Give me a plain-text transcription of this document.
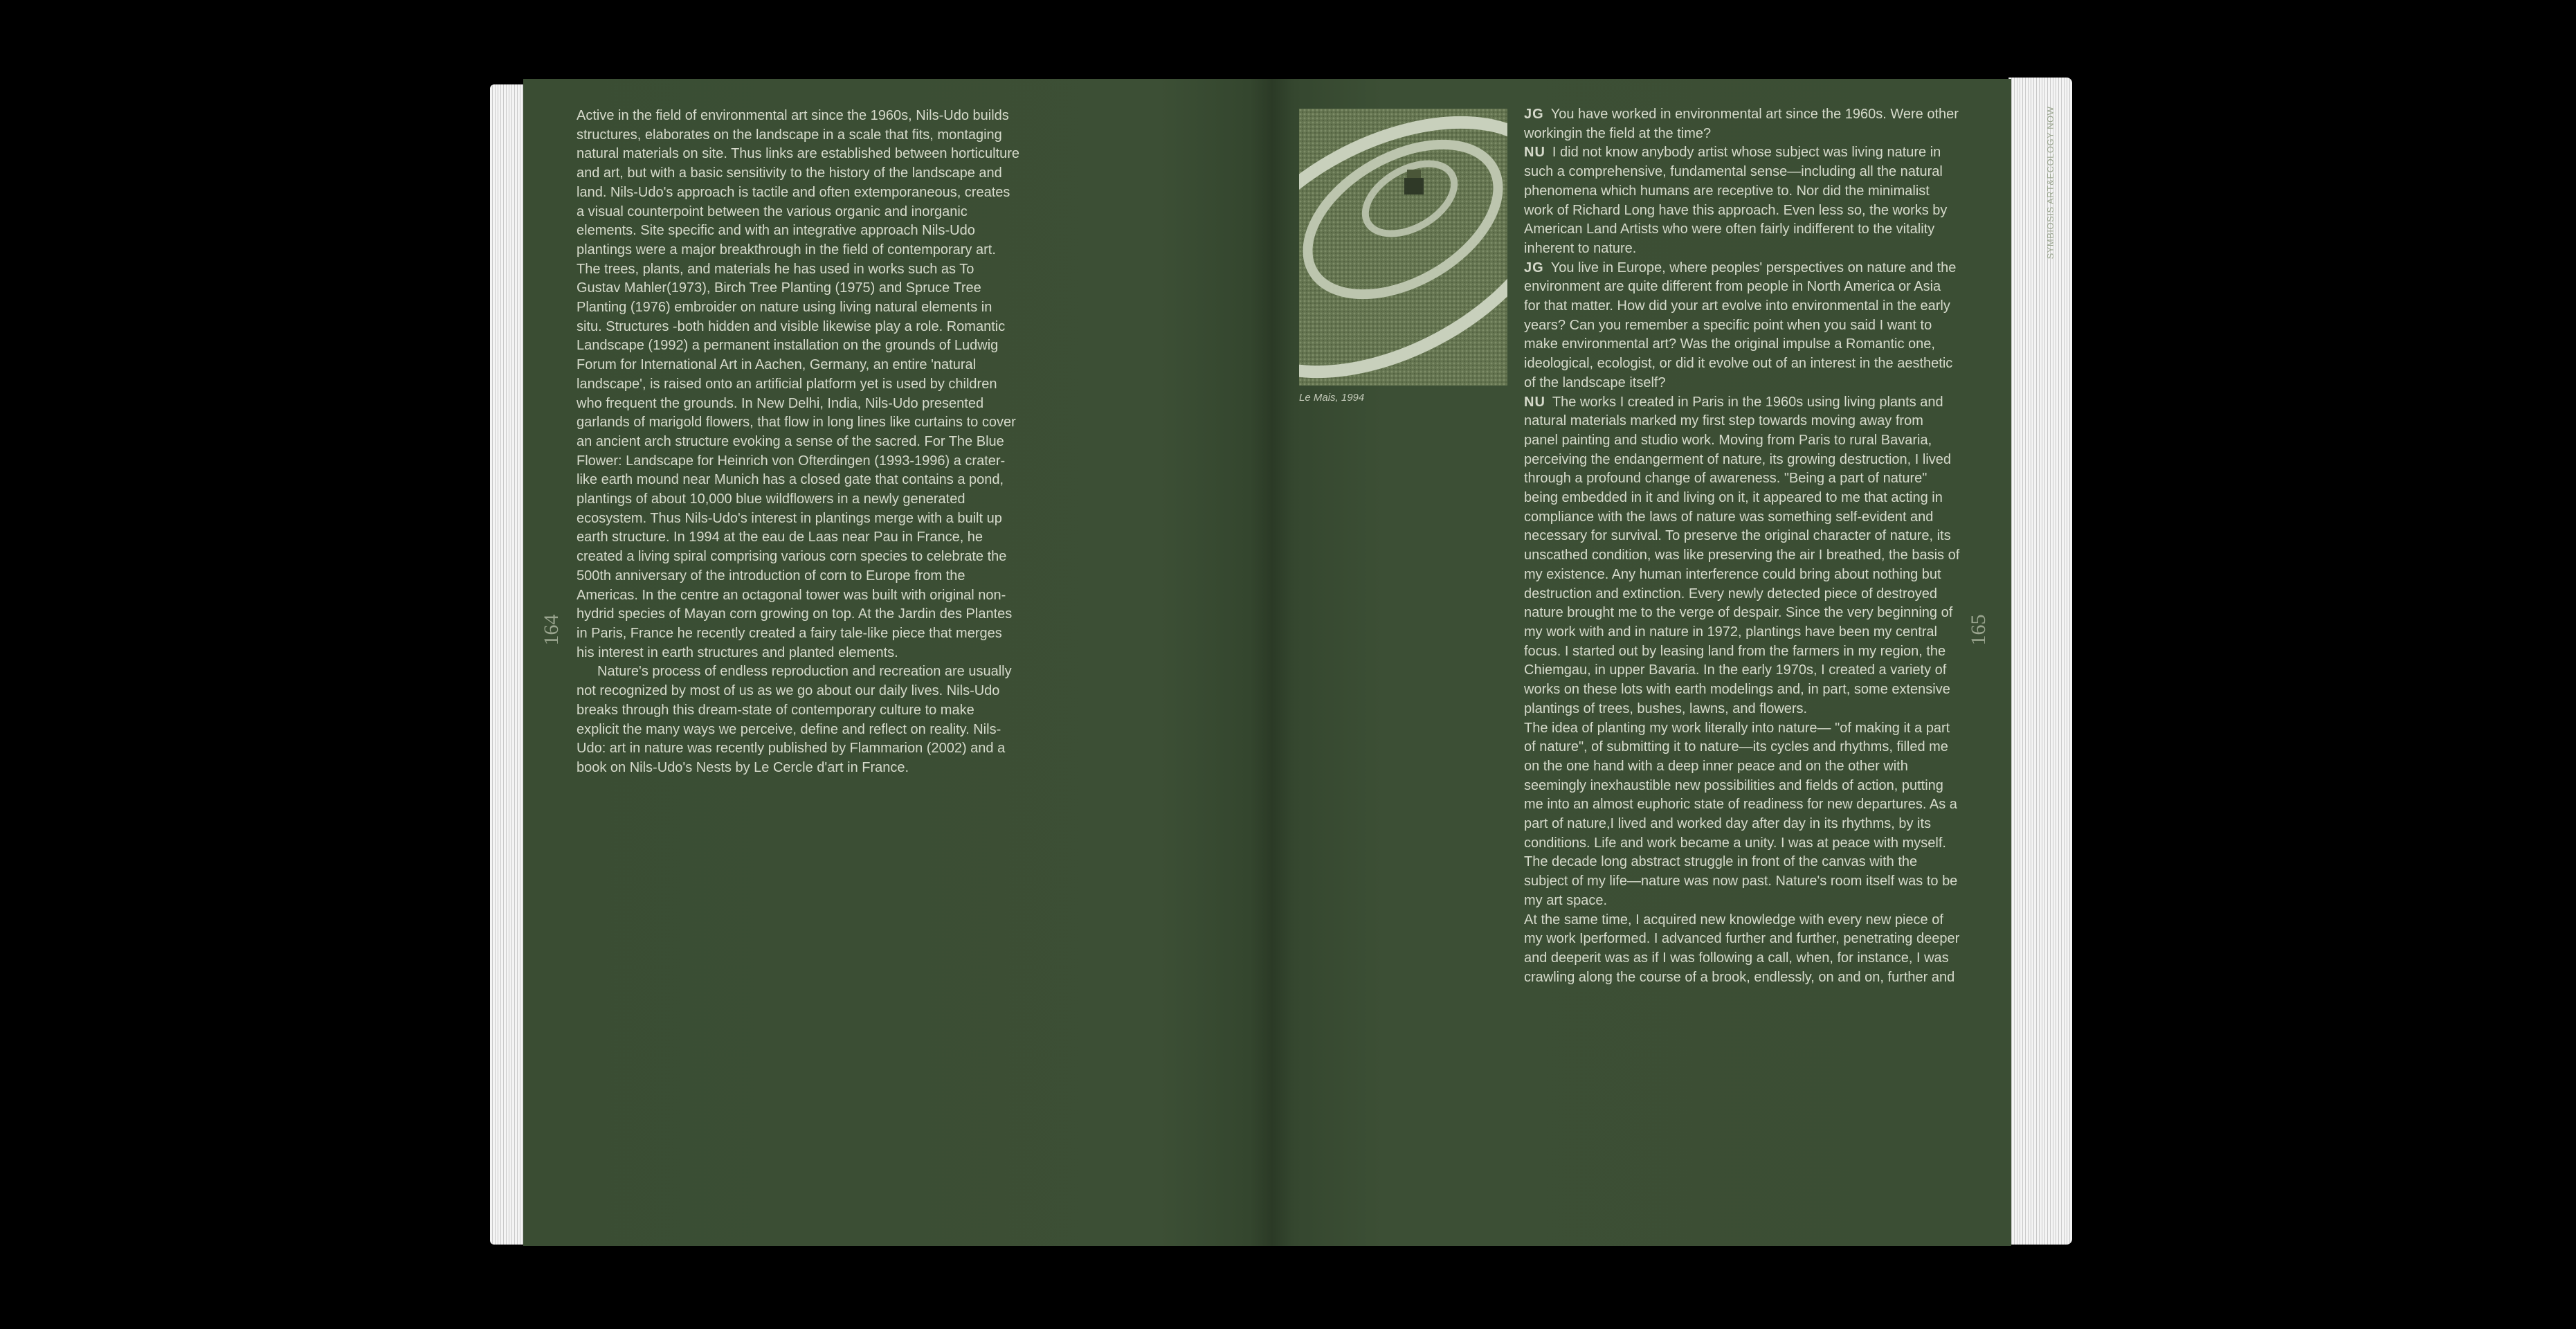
164

Active in the field of environmental art since the 1960s, Nils-Udo builds structures, elaborates on the landscape in a scale that fits, montaging natural materials on site. Thus links are established between horticulture and art, but with a basic sensitivity to the history of the landscape and land. Nils-Udo's approach is tactile and often extemporaneous, creates a visual counterpoint between the various organic and inorganic elements. Site specific and with an integrative approach Nils-Udo plantings were a major breakthrough in the field of contemporary art. The trees, plants, and materials he has used in works such as To Gustav Mahler(1973), Birch Tree Planting (1975) and Spruce Tree Planting (1976) embroider on nature using living natural elements in situ. Structures -both hidden and visible likewise play a role. Romantic Landscape (1992) a permanent installation on the grounds of Ludwig Forum for International Art in Aachen, Germany, an entire 'natural landscape', is raised onto an artificial platform yet is used by children who frequent the grounds. In New Delhi, India, Nils-Udo presented garlands of marigold flowers, that flow in long lines like curtains to cover an ancient arch structure evoking a sense of the sacred. For The Blue Flower: Landscape for Heinrich von Ofterdingen (1993-1996) a crater-like earth mound near Munich has a closed gate that contains a pond, plantings of about 10,000 blue wildflowers in a newly generated ecosystem. Thus Nils-Udo's interest in plantings merge with a built up earth structure. In 1994 at the eau de Laas near Pau in France, he created a living spiral comprising various corn species to celebrate the 500th anniversary of the introduction of corn to Europe from the Americas. In the centre an octagonal tower was built with original non-hydrid species of Mayan corn growing on top. At the Jardin des Plantes in Paris, France he recently created a fairy tale-like piece that merges his interest in earth structures and planted elements.

Nature's process of endless reproduction and recreation are usually not recognized by most of us as we go about our daily lives. Nils-Udo breaks through this dream-state of contemporary culture to make explicit the many ways we perceive, define and reflect on reality. Nils-Udo: art in nature was recently published by Flammarion (2002) and a book on Nils-Udo's Nests by Le Cercle d'art in France.

Le Mais, 1994

JG You have worked in environmental art since the 1960s. Were other workingin the field at the time?

NU I did not know anybody artist whose subject was living nature in such a comprehensive, fundamental sense—including all the natural phenomena which humans are receptive to. Nor did the minimalist work of Richard Long have this approach. Even less so, the works by American Land Artists who were often fairly indifferent to the vitality inherent to nature.

JG You live in Europe, where peoples' perspectives on nature and the environment are quite different from people in North America or Asia for that matter. How did your art evolve into environmental in the early years? Can you remember a specific point when you said I want to make environmental art? Was the original impulse a Romantic one, ideological, ecologist, or did it evolve out of an interest in the aesthetic of the landscape itself?

NU The works I created in Paris in the 1960s using living plants and natural materials marked my first step towards moving away from panel painting and studio work. Moving from Paris to rural Bavaria, perceiving the endangerment of nature, its growing destruction, I lived through a profound change of awareness. "Being a part of nature" being embedded in it and living on it, it appeared to me that acting in compliance with the laws of nature was something self-evident and necessary for survival. To preserve the original character of nature, its unscathed condition, was like preserving the air I breathed, the basis of my existence. Any human interference could bring about nothing but destruction and extinction. Every newly detected piece of destroyed nature brought me to the verge of despair. Since the very beginning of my work with and in nature in 1972, plantings have been my central focus. I started out by leasing land from the farmers in my region, the Chiemgau, in upper Bavaria. In the early 1970s, I created a variety of works on these lots with earth modelings and, in part, some extensive plantings of trees, bushes, lawns, and flowers.

The idea of planting my work literally into nature— "of making it a part of nature", of submitting it to nature—its cycles and rhythms, filled me on the one hand with a deep inner peace and on the other with seemingly inexhaustible new possibilities and fields of action, putting me into an almost euphoric state of readiness for new departures. As a part of nature,I lived and worked day after day in its rhythms, by its conditions. Life and work became a unity. I was at peace with myself. The decade long abstract struggle in front of the canvas with the subject of my life—nature was now past. Nature's room itself was to be my art space.

At the same time, I acquired new knowledge with every new piece of my work Iperformed. I advanced further and further, penetrating deeper and deeperit was as if I was following a call, when, for instance, I was crawling along the course of a brook, endlessly, on and on, further and

165
SYMBIOSIS ART&ECOLOGY NOW
